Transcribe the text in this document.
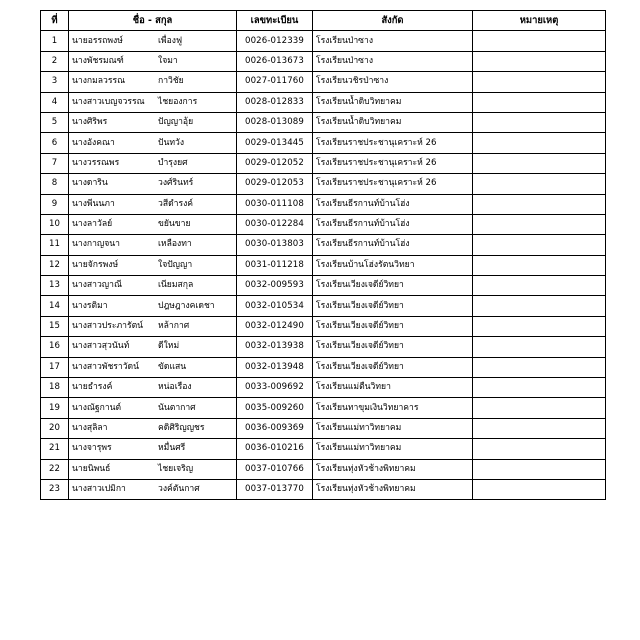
ที่	ชื่อ - สกุล	เลขทะเบียน	สังกัด	หมายเหตุ
1	นายอรรถพงษ์ เพื่องฟู	0026-012339	โรงเรียนป่าซาง	
2	นางพัชรมณฑ์ ใจมา	0026-013673	โรงเรียนป่าซาง	
3	นางกมลวรรณ กาวิชัย	0027-011760	โรงเรียนวชิรป่าซาง	
4	นางสาวเบญจวรรณ ไชยองการ	0028-012833	โรงเรียนน้ำดิบวิทยาคม	
5	นางศิริพร ปัญญาอุ้ย	0028-013089	โรงเรียนน้ำดิบวิทยาคม	
6	นางอังคณา ปันทวัง	0029-013445	โรงเรียนราชประชานุเคราะห์ 26	
7	นางวรรณพร บำรุงยศ	0029-012052	โรงเรียนราชประชานุเคราะห์ 26	
8	นางดาริน วงศ์รินทร์	0029-012053	โรงเรียนราชประชานุเคราะห์ 26	
9	นางพีนนภา วสีดำรงค์	0030-011108	โรงเรียนธีรกานท์บ้านโฮ่ง	
10	นางลาวัลย์ ขยันขาย	0030-012284	โรงเรียนธีรกานท์บ้านโฮ่ง	
11	นางกาญจนา เหลืองทา	0030-013803	โรงเรียนธีรกานท์บ้านโฮ่ง	
12	นายจักรพงษ์ ใจปัญญา	0031-011218	โรงเรียนบ้านโฮ่งรัตนวิทยา	
13	นางสาวญาณี เนียมสกุล	0032-009593	โรงเรียนเวียงเจดีย์วิทยา	
14	นางรติมา ปฎษฎางคเดชา	0032-010534	โรงเรียนเวียงเจดีย์วิทยา	
15	นางสาวประภารัตน์ หล้ากาศ	0032-012490	โรงเรียนเวียงเจดีย์วิทยา	
16	นางสาวสุวนันท์ ดีใหม่	0032-013938	โรงเรียนเวียงเจดีย์วิทยา	
17	นางสาวพัชราวัดน์ ขัดแสน	0032-013948	โรงเรียนเวียงเจดีย์วิทยา	
18	นายธำรงค์ หน่อเรือง	0033-009692	โรงเรียนแม่ตืนวิทยา	
19	นางณัฐกานต์ นันตากาศ	0035-009260	โรงเรียนทาขุมเงินวิทยาคาร	
20	นางสุลิลา คดิศิริญญชร	0036-009369	โรงเรียนแม่ทาวิทยาคม	
21	นางจารุพร หมื่นศรี	0036-010216	โรงเรียนแม่ทาวิทยาคม	
22	นายนิพนธ์ ไชยเจริญ	0037-010766	โรงเรียนทุ่งหัวช้างพิทยาคม	
23	นางสาวเปมิกา วงค์ตันกาศ	0037-013770	โรงเรียนทุ่งหัวช้างพิทยาคม	
